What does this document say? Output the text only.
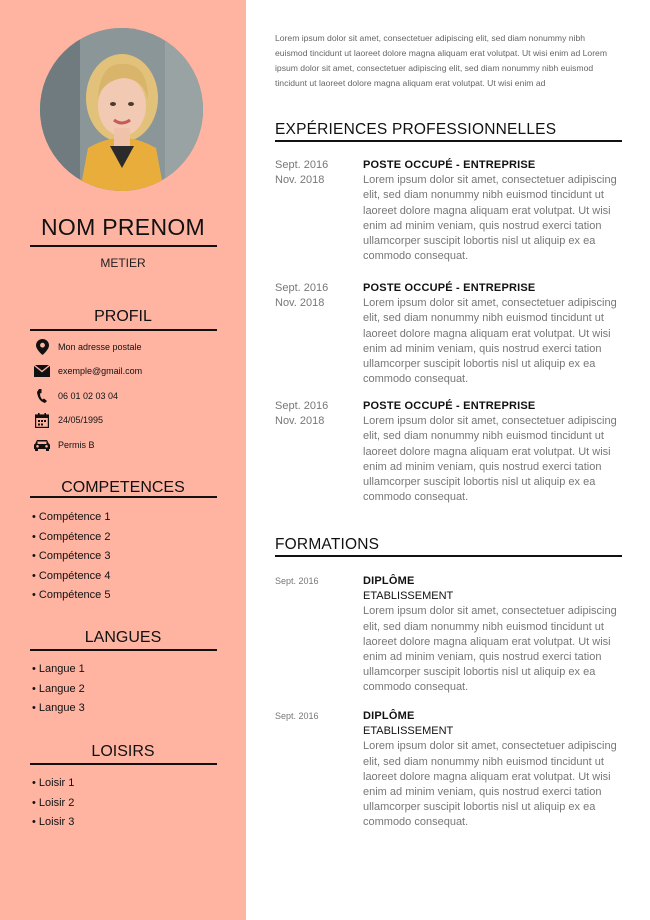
NOM PRENOM
METIER
PROFIL
Mon adresse postale
exemple@gmail.com
06 01 02 03 04
24/05/1995
Permis B
COMPETENCES
• Compétence 1
• Compétence 2
• Compétence 3
• Compétence 4
• Compétence 5
LANGUES
• Langue 1
• Langue 2
• Langue 3
LOISIRS
• Loisir 1
• Loisir 2
• Loisir 3
Lorem ipsum dolor sit amet, consectetuer adipiscing elit, sed diam nonummy nibh euismod tincidunt ut laoreet dolore magna aliquam erat volutpat. Ut wisi enim ad Lorem ipsum dolor sit amet, consectetuer adipiscing elit, sed diam nonummy nibh euismod tincidunt ut laoreet dolore magna aliquam erat volutpat. Ut wisi enim ad
EXPÉRIENCES PROFESSIONNELLES
Sept. 2016
Nov. 2018
POSTE OCCUPÉ - ENTREPRISE
Lorem ipsum dolor sit amet, consectetuer adipiscing elit, sed diam nonummy nibh euismod tincidunt ut laoreet dolore magna aliquam erat volutpat. Ut wisi enim ad minim veniam, quis nostrud exerci tation ullamcorper suscipit lobortis nisl ut aliquip ex ea commodo consequat.
Sept. 2016
Nov. 2018
POSTE OCCUPÉ - ENTREPRISE
Lorem ipsum dolor sit amet, consectetuer adipiscing elit, sed diam nonummy nibh euismod tincidunt ut laoreet dolore magna aliquam erat volutpat. Ut wisi enim ad minim veniam, quis nostrud exerci tation ullamcorper suscipit lobortis nisl ut aliquip ex ea commodo consequat.
Sept. 2016
Nov. 2018
POSTE OCCUPÉ - ENTREPRISE
Lorem ipsum dolor sit amet, consectetuer adipiscing elit, sed diam nonummy nibh euismod tincidunt ut laoreet dolore magna aliquam erat volutpat. Ut wisi enim ad minim veniam, quis nostrud exerci tation ullamcorper suscipit lobortis nisl ut aliquip ex ea commodo consequat.
FORMATIONS
Sept. 2016	DIPLÔME
ETABLISSEMENT
Lorem ipsum dolor sit amet, consectetuer adipiscing elit, sed diam nonummy nibh euismod tincidunt ut laoreet dolore magna aliquam erat volutpat. Ut wisi enim ad minim veniam, quis nostrud exerci tation ullamcorper suscipit lobortis nisl ut aliquip ex ea commodo consequat.
Sept. 2016	DIPLÔME
ETABLISSEMENT
Lorem ipsum dolor sit amet, consectetuer adipiscing elit, sed diam nonummy nibh euismod tincidunt ut laoreet dolore magna aliquam erat volutpat. Ut wisi enim ad minim veniam, quis nostrud exerci tation ullamcorper suscipit lobortis nisl ut aliquip ex ea commodo consequat.
